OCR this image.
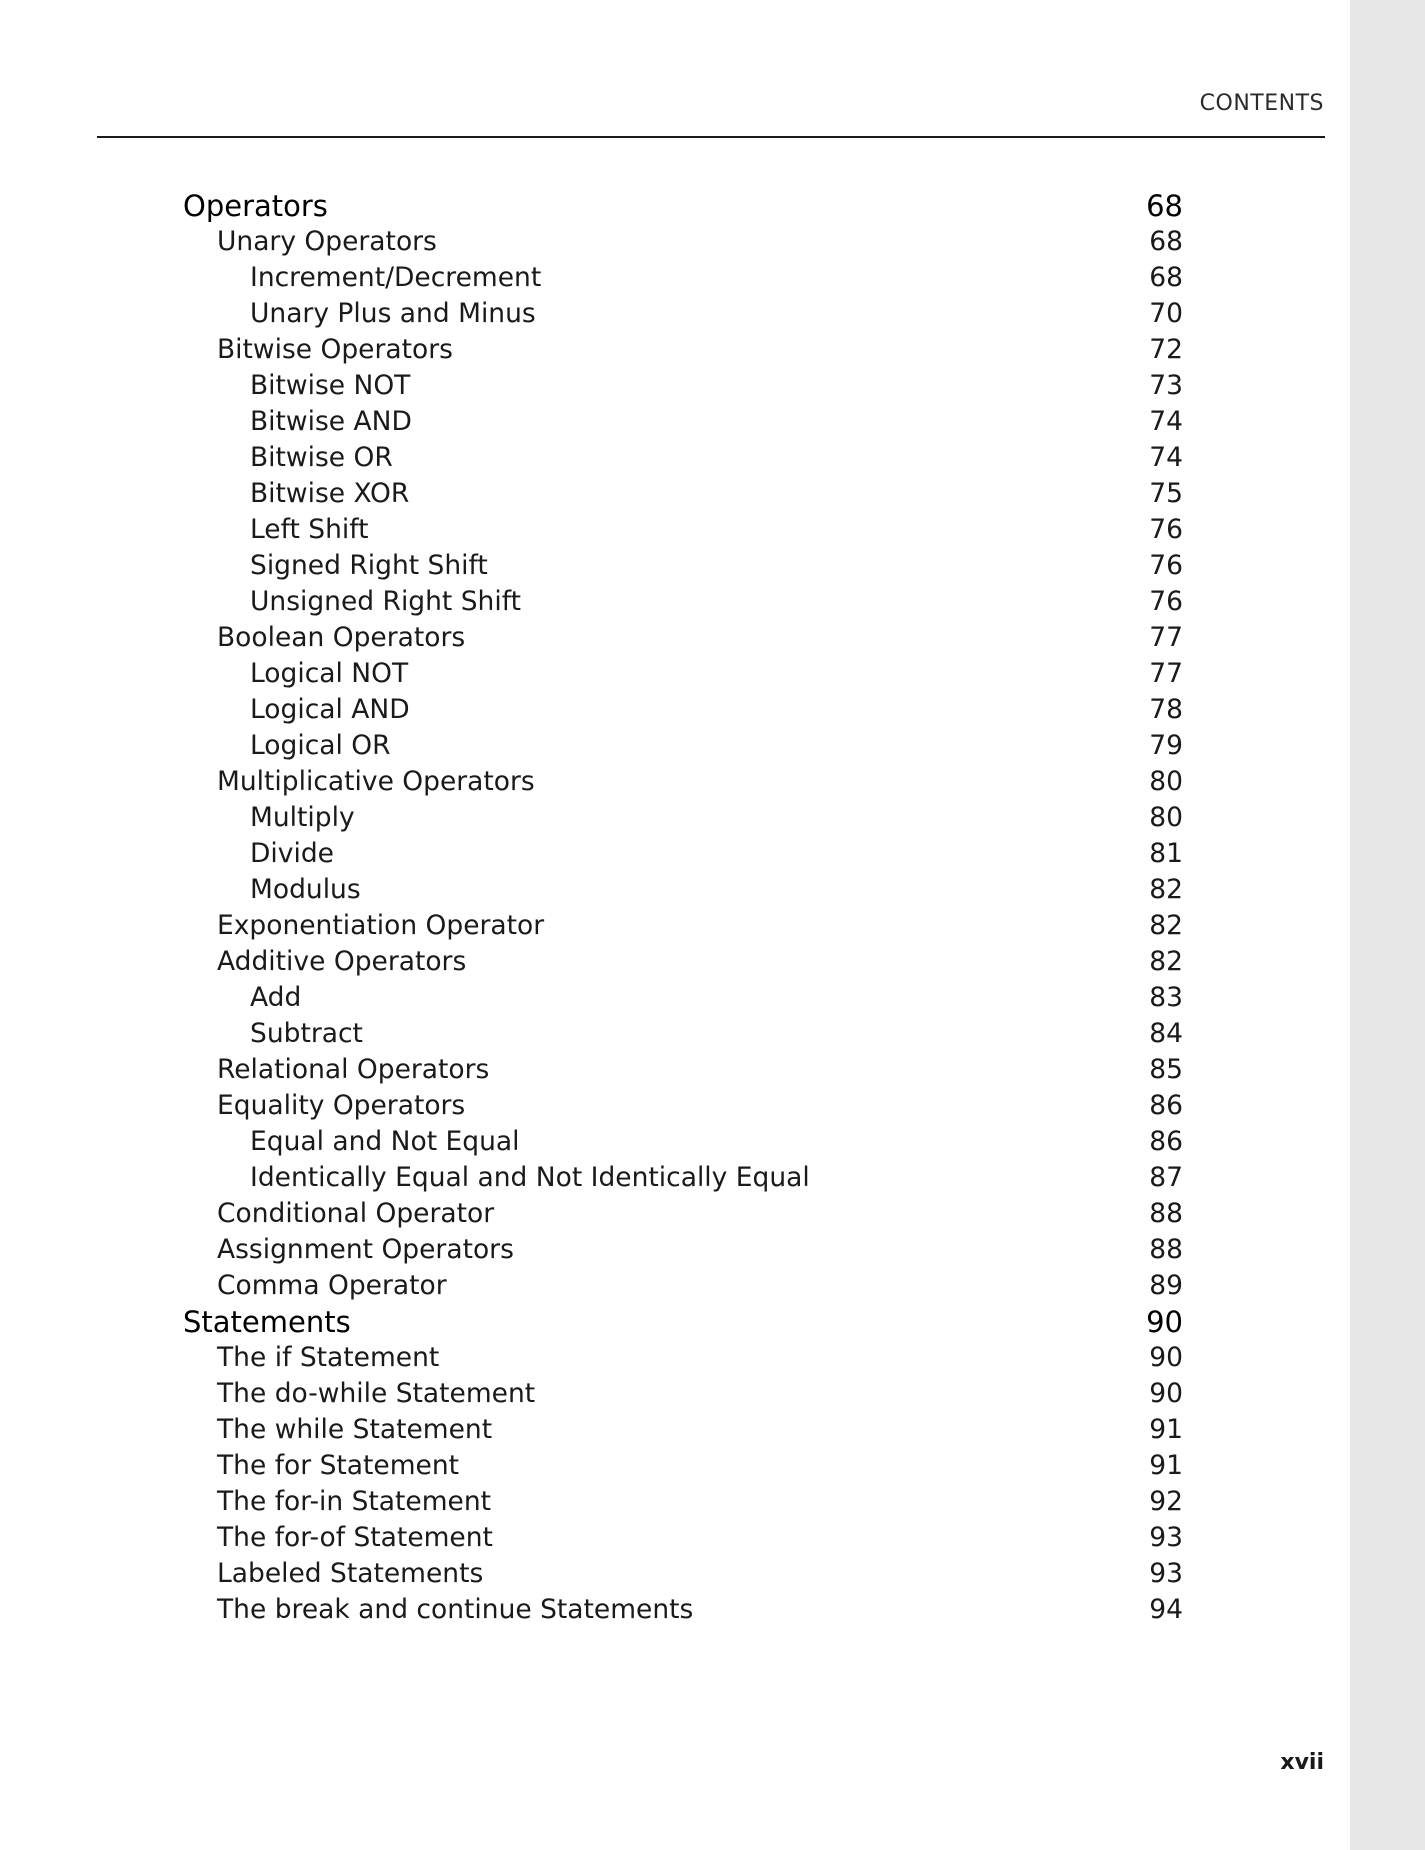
CONTENTS
Operators	68
Unary Operators	68
Increment/Decrement	68
Unary Plus and Minus	70
Bitwise Operators	72
Bitwise NOT	73
Bitwise AND	74
Bitwise OR	74
Bitwise XOR	75
Left Shift	76
Signed Right Shift	76
Unsigned Right Shift	76
Boolean Operators	77
Logical NOT	77
Logical AND	78
Logical OR	79
Multiplicative Operators	80
Multiply	80
Divide	81
Modulus	82
Exponentiation Operator	82
Additive Operators	82
Add	83
Subtract	84
Relational Operators	85
Equality Operators	86
Equal and Not Equal	86
Identically Equal and Not Identically Equal	87
Conditional Operator	88
Assignment Operators	88
Comma Operator	89
Statements	90
The if Statement	90
The do-while Statement	90
The while Statement	91
The for Statement	91
The for-in Statement	92
The for-of Statement	93
Labeled Statements	93
The break and continue Statements	94
xvii
